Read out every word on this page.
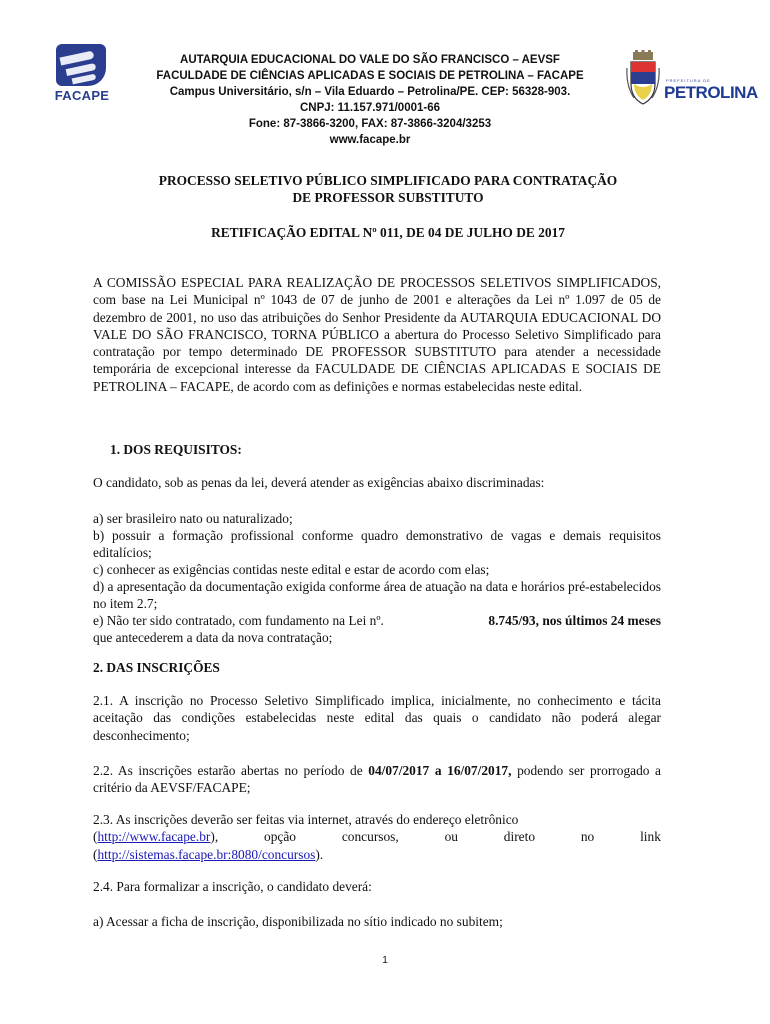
FACAPE
PREFEITURA DE
PETROLINA
AUTARQUIA EDUCACIONAL DO VALE DO SÃO FRANCISCO – AEVSF
FACULDADE DE CIÊNCIAS APLICADAS E SOCIAIS DE PETROLINA – FACAPE
Campus Universitário, s/n – Vila Eduardo – Petrolina/PE. CEP: 56328-903.
CNPJ: 11.157.971/0001-66
Fone: 87-3866-3200, FAX: 87-3866-3204/3253
www.facape.br
PROCESSO SELETIVO PÚBLICO SIMPLIFICADO PARA CONTRATAÇÃO
DE PROFESSOR SUBSTITUTO
RETIFICAÇÃO EDITAL Nº 011, DE 04 DE JULHO DE 2017
A COMISSÃO ESPECIAL PARA REALIZAÇÃO DE PROCESSOS SELETIVOS SIMPLIFICADOS, com base na Lei Municipal nº 1043 de 07 de junho de 2001 e alterações da Lei nº 1.097 de 05 de dezembro de 2001, no uso das atribuições do Senhor Presidente da AUTARQUIA EDUCACIONAL DO VALE DO SÃO FRANCISCO, TORNA PÚBLICO a abertura do Processo Seletivo Simplificado para contratação por tempo determinado DE PROFESSOR SUBSTITUTO para atender a necessidade temporária de excepcional interesse da FACULDADE DE CIÊNCIAS APLICADAS E SOCIAIS DE PETROLINA – FACAPE, de acordo com as definições e normas estabelecidas neste edital.
1. DOS REQUISITOS:
O candidato, sob as penas da lei, deverá atender as exigências abaixo discriminadas:
a) ser brasileiro nato ou naturalizado;
b) possuir a formação profissional conforme quadro demonstrativo de vagas e demais requisitos editalícios;
c) conhecer as exigências contidas neste edital e estar de acordo com elas;
d) a apresentação da documentação exigida conforme área de atuação na data e horários pré-estabelecidos no item 2.7;
e) Não ter sido contratado, com fundamento na Lei nº.	8.745/93, nos últimos 24 meses
que antecederem a data da nova contratação;
2. DAS INSCRIÇÕES
2.1. A inscrição no Processo Seletivo Simplificado implica, inicialmente, no conhecimento e tácita aceitação das condições estabelecidas neste edital das quais o candidato não poderá alegar desconhecimento;
2.2. As inscrições estarão abertas no período de 04/07/2017 a 16/07/2017, podendo ser prorrogado a critério da AEVSF/FACAPE;
2.3. As inscrições deverão ser feitas via internet, através do endereço eletrônico
(http://www.facape.br),	opção	concursos,	ou	direto	no	link
(http://sistemas.facape.br:8080/concursos).
2.4. Para formalizar a inscrição, o candidato deverá:
a) Acessar a ficha de inscrição, disponibilizada no sítio indicado no subitem;
1
